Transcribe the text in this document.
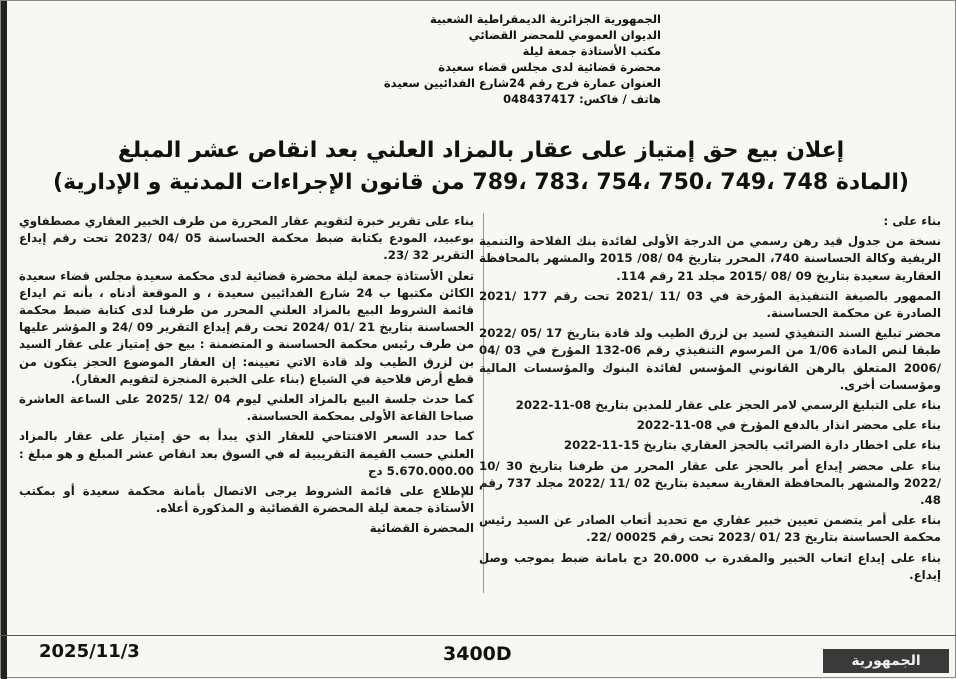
الجمهورية الجزائرية الديمقراطية الشعبية
الديوان العمومي للمحضر القضائي
مكتب الأستاذة جمعة ليلة
محضرة قضائية لدى مجلس قضاء سعيدة
العنوان عمارة فرج رقم 24شارع الفدائيين سعيدة
هاتف / فاكس: 048437417
إعلان بيع حق إمتياز على عقار بالمزاد العلني بعد انقاص عشر المبلغ
(المادة 748 ،749 ،750 ،754 ،783 ،789 من قانون الإجراءات المدنية و الإدارية)

بناء على :

نسخة من جدول قيد رهن رسمي من الدرجة الأولى لفائدة بنك الفلاحة والتنمية الريفية وكالة الحساسنة 740، المحرر بتاريخ 04 /08/ 2015 والمشهر بالمحافظة العقارية سعيدة بتاريخ 09 /08 /2015 مجلد 21 رقم 114.

الممهور بالصيغة التنفيذية المؤرخة في 03 /11 /2021 تحت رقم 177 /2021 الصادرة عن محكمة الحساسنة.

محضر تبليغ السند التنفيذي لسيد بن لزرق الطيب ولد قادة بتاريخ 17 /05 /2022 طبقا لنص المادة 1/06 من المرسوم التنفيذي رقم 06-132 المؤرخ في 03 /04 /2006 المتعلق بالرهن القانوني المؤسس لفائدة البنوك والمؤسسات المالية ومؤسسات أخرى.

بناء على التبليغ الرسمي لامر الحجز على عقار للمدين بتاريخ 08-11-2022

بناء على محضر انذار بالدفع المؤرخ في 08-11-2022

بناء على اخطار دارة الضرائب بالحجز العقاري بتاريخ 15-11-2022

بناء على محضر إيداع أمر بالحجز على عقار المحرر من طرفنا بتاريخ 30 /10 /2022 والمشهر بالمحافظة العقارية سعيدة بتاريخ 02 /11 /2022 مجلد 737 رقم 48.

بناء على أمر يتضمن تعيين خبير عقاري مع تحديد أتعاب الصادر عن السيد رئيس محكمة الحساسنة بتاريخ 23 /01 /2023 تحت رقم 00025 /22.

بناء على إيداع اتعاب الخبير والمقدرة ب 20.000 دج بامانة ضبط بموجب وصل إيداع.

بناء على تقرير خبرة لتقويم عقار المحررة من طرف الخبير العقاري مصطفاوي بوعبيد، المودع بكتابة ضبط محكمة الحساسنة 05 /04 /2023 تحت رقم إيداع التقرير 32 /23.

تعلن الأستاذة جمعة ليلة محضرة قضائية لدى محكمة سعيدة مجلس قضاء سعيدة الكائن مكتبها ب 24 شارع الفدائيين سعيدة ، و الموقعة أدناه ، بأنه تم ايداع قائمة الشروط البيع بالمزاد العلني المحرر من طرفنا لدى كتابة ضبط محكمة الحساسنة بتاريخ 21 /01 /2024 تحت رقم إيداع التقرير 09 /24 و المؤشر عليها من طرف رئيس محكمة الحساسنة و المتضمنة : بيع حق إمتياز على عقار السيد بن لزرق الطيب ولد قادة الاتي تعيينه: إن العقار الموضوع الحجز يتكون من قطع أرض فلاحية في الشياع (بناء على الخبرة المنجزة لتقويم العقار).

كما حدث جلسة البيع بالمزاد العلني ليوم 04 /12 /2025 على الساعة العاشرة صباحا القاعة الأولى بمحكمة الحساسنة.

كما حدد السعر الافتتاحي للعقار الذي يبدأ به حق إمتياز على عقار بالمزاد العلني حسب القيمة التقريبية له في السوق بعد انقاص عشر المبلغ و هو مبلغ : 5.670.000.00 دج

للإطلاع على قائمة الشروط يرجى الاتصال بأمانة محكمة سعيدة أو بمكتب الأستاذة جمعة ليلة المحضرة القضائية و المذكورة أعلاه.

المحضرة القضائية

2025/11/3	3400D	الجمهورية
